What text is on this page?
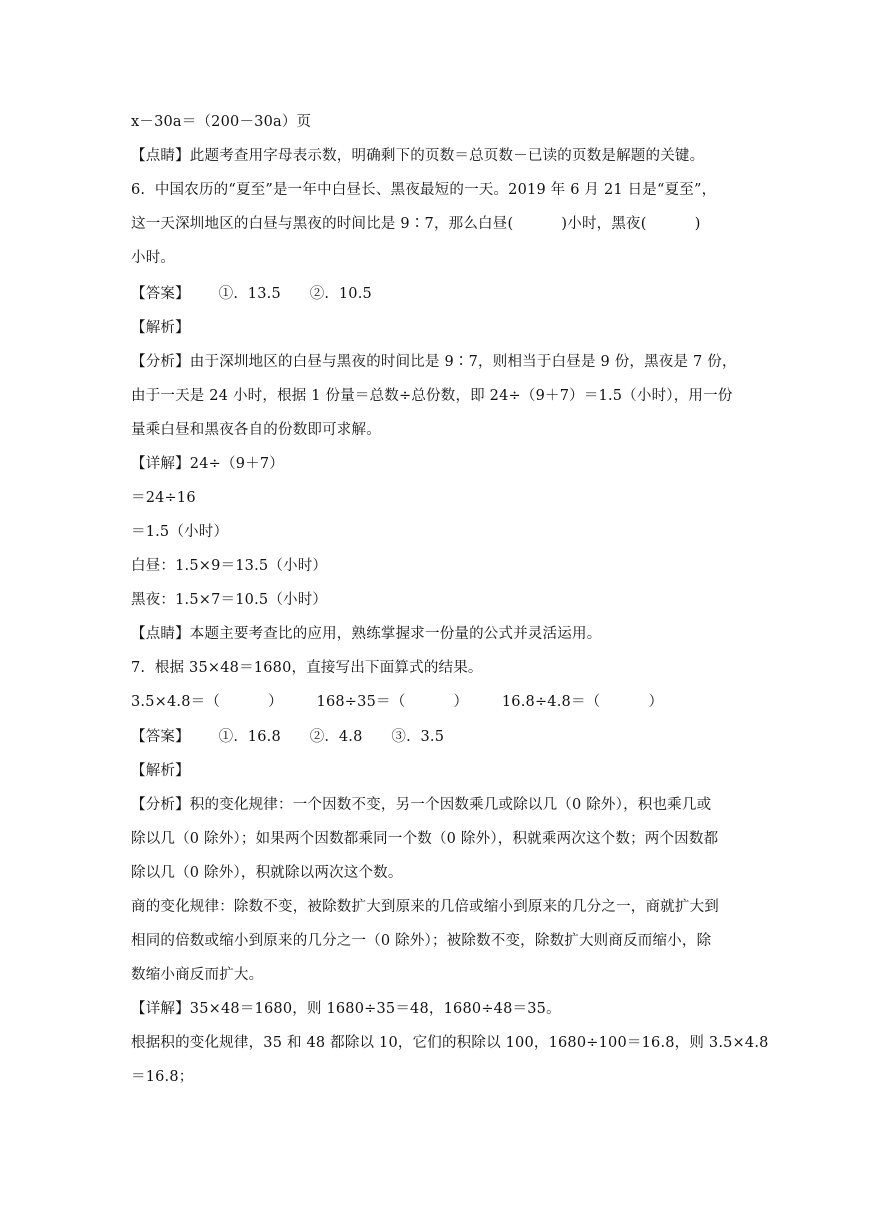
x－30a＝（200－30a）页
【点睛】此题考查用字母表示数，明确剩下的页数＝总页数－已读的页数是解题的关键。
6.  中国农历的“夏至”是一年中白昼长、黑夜最短的一天。2019 年 6 月 21 日是“夏至”，
这一天深圳地区的白昼与黑夜的时间比是 9∶7，那么白昼(          )小时，黑夜(          )
小时。
【答案】      ①.  13.5      ②.  10.5
【解析】
【分析】由于深圳地区的白昼与黑夜的时间比是 9∶7，则相当于白昼是 9 份，黑夜是 7 份，
由于一天是 24 小时，根据 1 份量＝总数÷总份数，即 24÷（9＋7）＝1.5（小时），用一份
量乘白昼和黑夜各自的份数即可求解。
【详解】24÷（9＋7）
＝24÷16
＝1.5（小时）
白昼：1.5×9＝13.5（小时）
黑夜：1.5×7＝10.5（小时）
【点睛】本题主要考查比的应用，熟练掌握求一份量的公式并灵活运用。
7.  根据 35×48＝1680，直接写出下面算式的结果。
3.5×4.8＝（          ）       168÷35＝（          ）       16.8÷4.8＝（          ）
【答案】      ①.  16.8      ②.  4.8      ③.  3.5
【解析】
【分析】积的变化规律：一个因数不变，另一个因数乘几或除以几（0 除外），积也乘几或
除以几（0 除外）；如果两个因数都乘同一个数（0 除外），积就乘两次这个数；两个因数都
除以几（0 除外），积就除以两次这个数。
商的变化规律：除数不变，被除数扩大到原来的几倍或缩小到原来的几分之一，商就扩大到
相同的倍数或缩小到原来的几分之一（0 除外）；被除数不变，除数扩大则商反而缩小，除
数缩小商反而扩大。
【详解】35×48＝1680，则 1680÷35＝48，1680÷48＝35。
根据积的变化规律，35 和 48 都除以 10，它们的积除以 100，1680÷100＝16.8，则 3.5×4.8
＝16.8；
